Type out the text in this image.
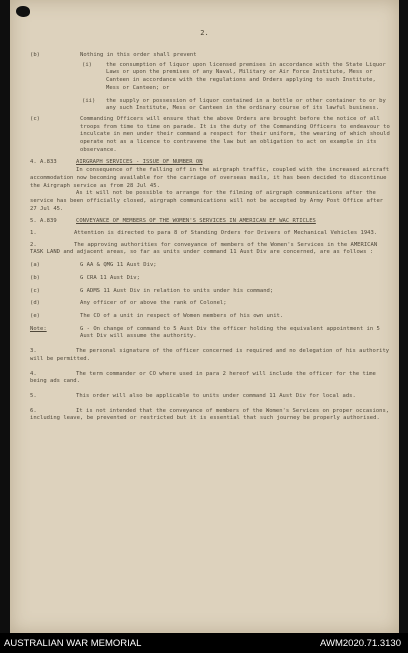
2.
(b)	Nothing in this order shall prevent
(i)	the consumption of liquor upon licensed premises in accordance with the State Liquor Laws or upon the premises of any Naval, Military or Air Force Institute, Mess or Canteen in accordance with the regulations and Orders applying to such Institute, Mess or Canteen; or
(ii)	the supply or possession of liquor contained in a bottle or other container to or by any such Institute, Mess or Canteen in the ordinary course of its lawful business.
(c)	Commanding Officers will ensure that the above Orders are brought before the notice of all troops from time to time on parade. It is the duty of the Commanding Officers to endeavour to inculcate in men under their command a respect for their uniform, the wearing of which should operate not as a licence to contravene the law but an obligation to act on example in its observance.
4. A.833	AIRGRAPH SERVICES - ISSUE OF NUMBER ON

In consequence of the falling off in the airgraph traffic, coupled with the increased aircraft accommodation now becoming available for the carriage of overseas mails, it has been decided to discontinue the Airgraph service as from 28 Jul 45.

As it will not be possible to arrange for the filming of airgraph communications after the service has been officially closed, airgraph communications will not be accepted by Army Post Office after 27 Jul 45.

5. A.839	CONVEYANCE OF MEMBERS OF THE WOMEN'S SERVICES IN AMERICAN EF WAC RTICLES
1.	Attention is directed to para 8 of Standing Orders for Drivers of Mechanical Vehicles 1943.
2.	The approving authorities for conveyance of members of the Women's Services in the AMERICAN TASK LAND and adjacent areas, so far as units under command 11 Aust Div are concerned, are as follows :
(a)	G AA & QMG 11 Aust Div;
(b)	G CRA 11 Aust Div;
(c)	G ADMS 11 Aust Div in relation to units under his command;
(d)	Any officer of or above the rank of Colonel;
(e)	The CO of a unit in respect of Women members of his own unit.
Note:	G - On change of command to 5 Aust Div the officer holding the equivalent appointment in 5 Aust Div will assume the authority.
3.	The personal signature of the officer concerned is required and no delegation of his authority will be permitted.

4.	The term commander or CO where used in para 2 hereof will include the officer for the time being ads cand.

5.	This order will also be applicable to units under command 11 Aust Div for local ads.

6.	It is not intended that the conveyance of members of the Women's Services on proper occasions, including leave, be prevented or restricted but it is essential that such journey be properly authorised.

AUSTRALIAN WAR MEMORIAL	AWM2020.71.3130
